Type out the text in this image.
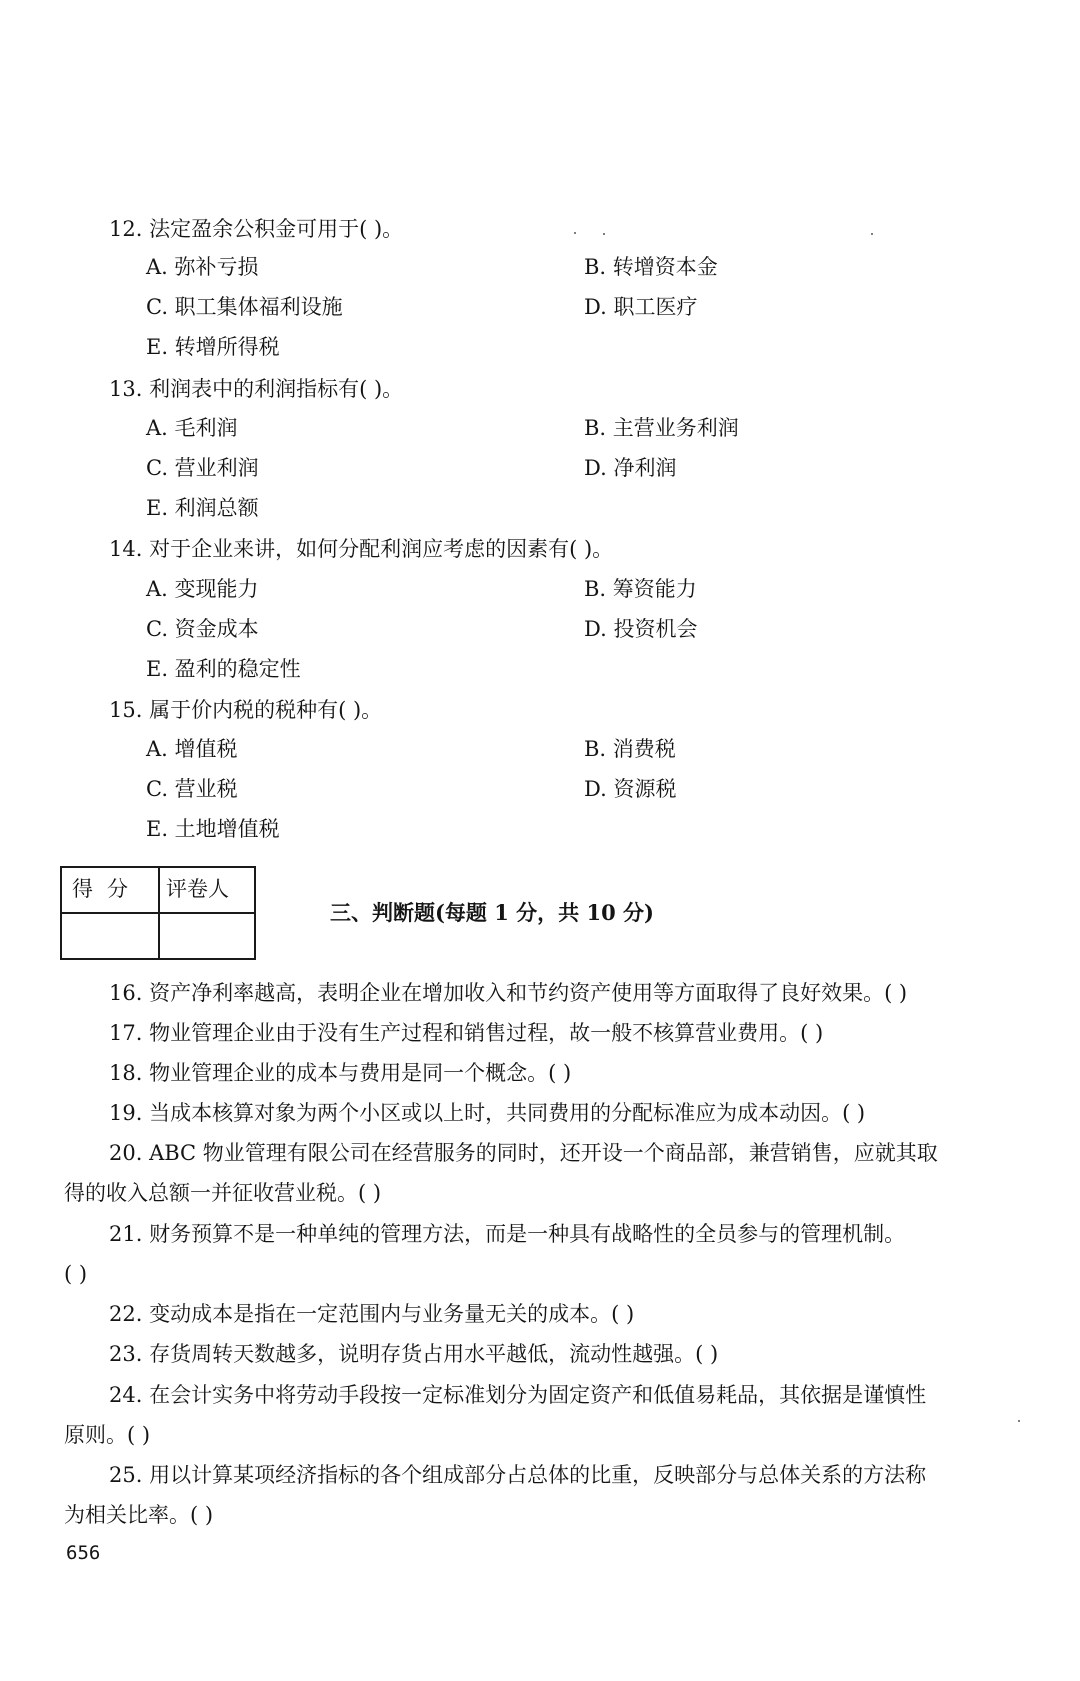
12. 法定盈余公积金可用于( )。
A. 弥补亏损	B. 转增资本金
C. 职工集体福利设施	D. 职工医疗
E. 转增所得税
13. 利润表中的利润指标有( )。
A. 毛利润	B. 主营业务利润
C. 营业利润	D. 净利润
E. 利润总额
14. 对于企业来讲，如何分配利润应考虑的因素有( )。
A. 变现能力	B. 筹资能力
C. 资金成本	D. 投资机会
E. 盈利的稳定性
15. 属于价内税的税种有( )。
A. 增值税	B. 消费税
C. 营业税	D. 资源税
E. 土地增值税
得分	评卷人
三、判断题(每题 1 分，共 10 分)
16. 资产净利率越高，表明企业在增加收入和节约资产使用等方面取得了良好效果。( )
17. 物业管理企业由于没有生产过程和销售过程，故一般不核算营业费用。( )
18. 物业管理企业的成本与费用是同一个概念。( )
19. 当成本核算对象为两个小区或以上时，共同费用的分配标准应为成本动因。( )
20. ABC 物业管理有限公司在经营服务的同时，还开设一个商品部，兼营销售，应就其取
得的收入总额一并征收营业税。( )
21. 财务预算不是一种单纯的管理方法，而是一种具有战略性的全员参与的管理机制。
( )
22. 变动成本是指在一定范围内与业务量无关的成本。( )
23. 存货周转天数越多，说明存货占用水平越低，流动性越强。( )
24. 在会计实务中将劳动手段按一定标准划分为固定资产和低值易耗品，其依据是谨慎性
原则。( )
25. 用以计算某项经济指标的各个组成部分占总体的比重，反映部分与总体关系的方法称
为相关比率。( )
656
